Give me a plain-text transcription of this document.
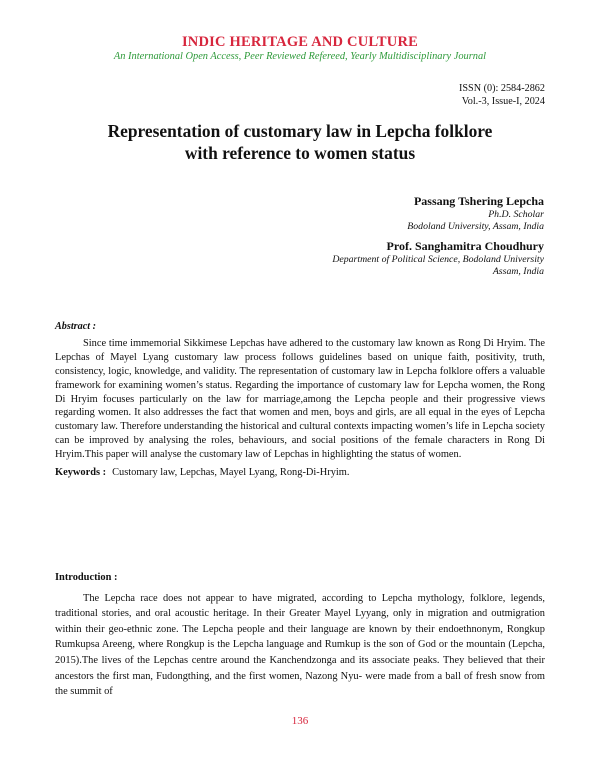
INDIC HERITAGE AND CULTURE
An International Open Access, Peer Reviewed Refereed, Yearly Multidisciplinary Journal
ISSN (0): 2584-2862
Vol.-3, Issue-I, 2024
Representation of customary law in Lepcha folklore
with reference to women status
Passang Tshering Lepcha
Ph.D. Scholar
Bodoland University, Assam, India
Prof. Sanghamitra Choudhury
Department of Political Science, Bodoland University
Assam, India
Abstract :
Since time immemorial Sikkimese Lepchas have adhered to the customary law known as Rong Di Hryim. The Lepchas of Mayel Lyang customary law process follows guidelines based on unique faith, positivity, truth, consistency, logic, knowledge, and validity. The representation of customary law in Lepcha folklore offers a valuable framework for examining women’s status. Regarding the importance of customary law for Lepcha women, the Rong Di Hryim focuses particularly on the law for marriage,among the Lepcha people and their progressive views regarding women. It also addresses the fact that women and men, boys and girls, are all equal in the eyes of Lepcha customary law. Therefore understanding the historical and cultural contexts impacting women’s life in Lepcha society can be improved by analysing the roles, behaviours, and social positions of the female characters in Rong Di Hryim.This paper will analyse the customary law of Lepchas in highlighting the status of women.
Keywords : Customary law, Lepchas, Mayel Lyang, Rong-Di-Hryim.
Introduction :
The Lepcha race does not appear to have migrated, according to Lepcha mythology, folklore, legends, traditional stories, and oral acoustic heritage. In their Greater Mayel Lyyang, only in migration and outmigration within their geo-ethnic zone. The Lepcha people and their language are known by their endoethnonym, Rongkup Rumkupsa Areeng, where Rongkup is the Lepcha language and Rumkup is the son of God or the mountain (Lepcha, 2015).The lives of the Lepchas centre around the Kanchendzonga and its associate peaks. They believed that their ancestors the first man, Fudongthing, and the first women, Nazong Nyu- were made from a ball of fresh snow from the summit of
136
